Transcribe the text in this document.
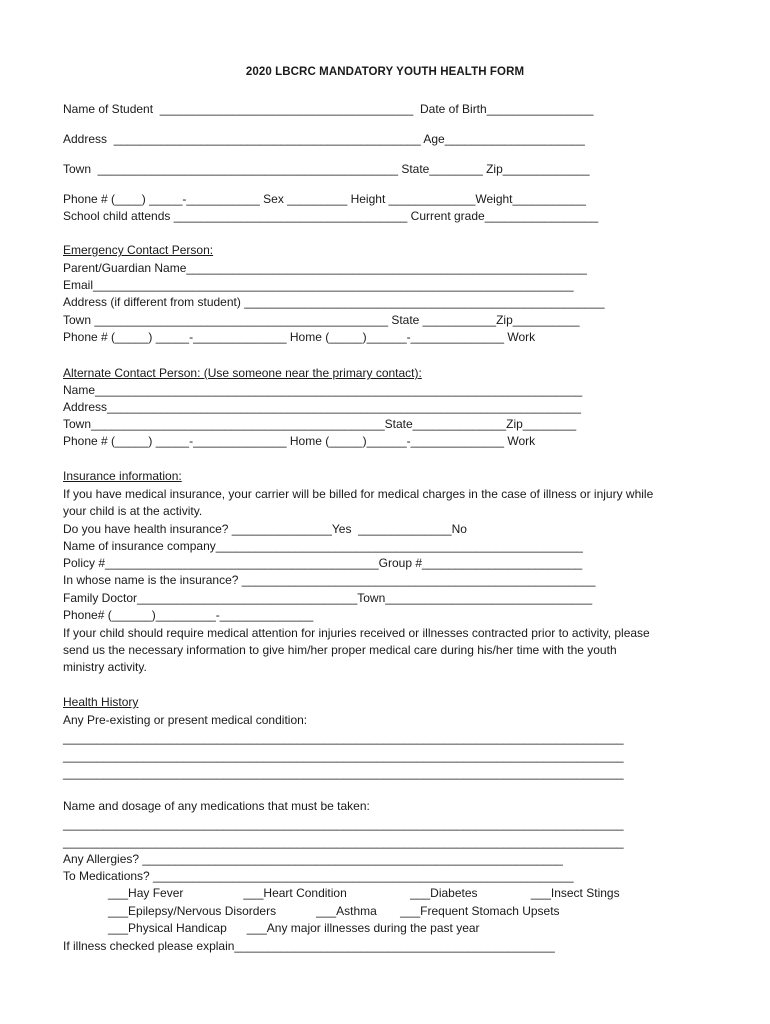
2020 LBCRC MANDATORY YOUTH HEALTH FORM
Name of Student  ______________________________________  Date of Birth________________
Address  ______________________________________________ Age_____________________
Town  _____________________________________________ State________ Zip_____________
Phone # (____) _____-___________ Sex _________ Height _____________Weight___________
School child attends ___________________________________ Current grade_________________
Emergency Contact Person:
Parent/Guardian Name____________________________________________________________
Email________________________________________________________________________
Address (if different from student) ______________________________________________________
Town ____________________________________________ State ___________Zip__________
Phone # (_____) _____-______________ Home (_____)______-______________ Work
Alternate Contact Person: (Use someone near the primary contact):
Name_________________________________________________________________________
Address_______________________________________________________________________
Town____________________________________________State______________Zip________
Phone # (_____) _____-______________ Home (_____)______-______________ Work
Insurance information:
If you have medical insurance, your carrier will be billed for medical charges in the case of illness or injury while
your child is at the activity.
Do you have health insurance? _______________Yes  ______________No
Name of insurance company_______________________________________________________
Policy #_________________________________________Group #________________________
In whose name is the insurance? _____________________________________________________
Family Doctor_________________________________Town_______________________________
Phone# (______)_________-______________
If your child should require medical attention for injuries received or illnesses contracted prior to activity, please
send us the necessary information to give him/her proper medical care during his/her time with the youth
ministry activity.
Health History
Any Pre-existing or present medical condition:
____________________________________________________________________________________
____________________________________________________________________________________
____________________________________________________________________________________
Name and dosage of any medications that must be taken:
____________________________________________________________________________________
____________________________________________________________________________________
Any Allergies? _______________________________________________________________
To Medications? _______________________________________________________________
___Hay Fever                  ___Heart Condition                   ___Diabetes                ___Insect Stings
___Epilepsy/Nervous Disorders            ___Asthma       ___Frequent Stomach Upsets
___Physical Handicap      ___Any major illnesses during the past year
If illness checked please explain________________________________________________
